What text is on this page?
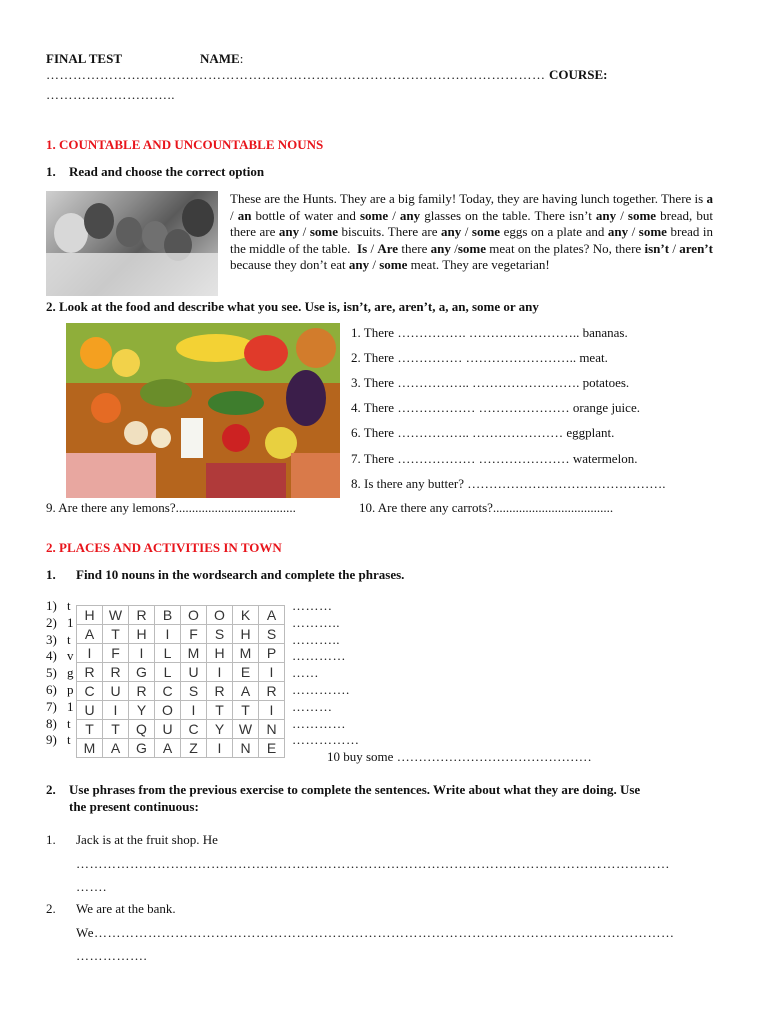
FINAL TEST	NAME:
………………………………………………………………………………………………… COURSE:
………………………..
1. COUNTABLE AND UNCOUNTABLE NOUNS
1. Read and choose the correct option
These are the Hunts. They are a big family! Today, they are having lunch together. There is a / an bottle of water and some / any glasses on the table. There isn’t any / some bread, but there are any / some biscuits. There are any / some eggs on a plate and any / some bread in the middle of the table.  Is / Are there any /some meat on the plates? No, there isn’t / aren’t because they don’t eat any / some meat. They are vegetarian!
2. Look at the food and describe what you see. Use is, isn’t, are, aren’t, a, an, some or any
1. There ……………. …………………….. bananas.
2. There …………… …………………….. meat.
3. There …………….. ……………………. potatoes.
4. There ……………… ………………… orange juice.
6. There …………….. ………………… eggplant.
7. There ……………… ………………… watermelon.
8. Is there any butter? ……………………………………….
9. Are there any lemons?.....................................	10. Are there any carrots?.....................................
2. PLACES AND ACTIVITIES IN TOWN
1. Find 10 nouns in the wordsearch and complete the phrases.
1) t	………
2) 1	………..
3) t	………..
4) v	…………
5) g	……
6) p	………….
7) 1	………
8) t	…………
9) t	……………
H	W	R	B	O	O	K	A
A	T	H	I	F	S	H	S
I	F	I	L	M	H	M	P
R	R	G	L	U	I	E	I
C	U	R	C	S	R	A	R
U	I	Y	O	I	T	T	I
T	T	Q	U	C	Y	W	N
M	A	G	A	Z	I	N	E
10 buy some ………………………………………
2. Use phrases from the previous exercise to complete the sentences. Write about what they are doing. Use
the present continuous:
1. Jack is at the fruit shop. He
……………………………………………………………………………………………………………………
…….
2. We are at the bank.
We…………………………………………………………………………………………………………………
…………….
